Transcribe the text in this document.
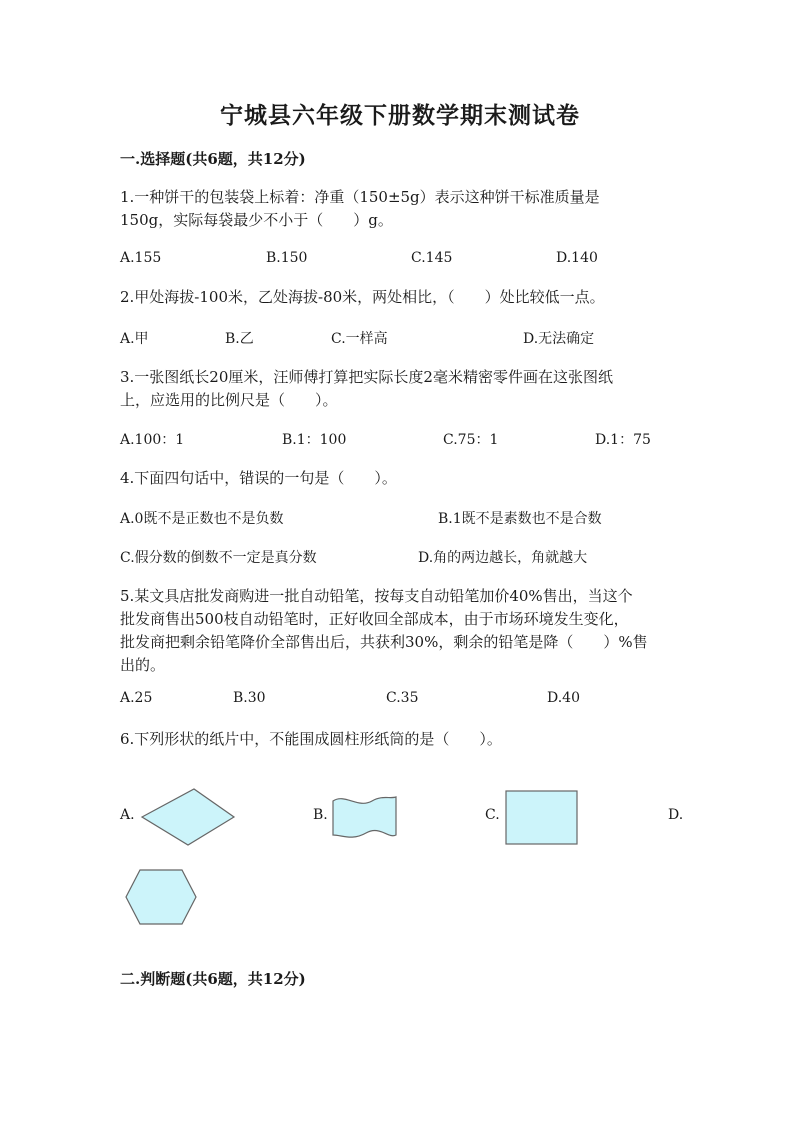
宁城县六年级下册数学期末测试卷
一.选择题(共6题，共12分)
1.一种饼干的包装袋上标着：净重（150±5g）表示这种饼干标准质量是
150g，实际每袋最少不小于（　　）g。
A.155	B.150	C.145	D.140
2.甲处海拔-100米，乙处海拔-80米，两处相比，（　　）处比较低一点。
A.甲	B.乙	C.一样高	D.无法确定
3.一张图纸长20厘米，汪师傅打算把实际长度2毫米精密零件画在这张图纸
上，应选用的比例尺是（　　）。
A.100：1	B.1：100	C.75：1	D.1：75
4.下面四句话中，错误的一句是（　　）。
A.0既不是正数也不是负数	B.1既不是素数也不是合数
C.假分数的倒数不一定是真分数	D.角的两边越长，角就越大
5.某文具店批发商购进一批自动铅笔，按每支自动铅笔加价40%售出，当这个
批发商售出500枝自动铅笔时，正好收回全部成本，由于市场环境发生变化，
批发商把剩余铅笔降价全部售出后，共获利30%，剩余的铅笔是降（　　）%售
出的。
A.25	B.30	C.35	D.40
6.下列形状的纸片中，不能围成圆柱形纸筒的是（　　）。
A.	B.	C.	D.
二.判断题(共6题，共12分)
